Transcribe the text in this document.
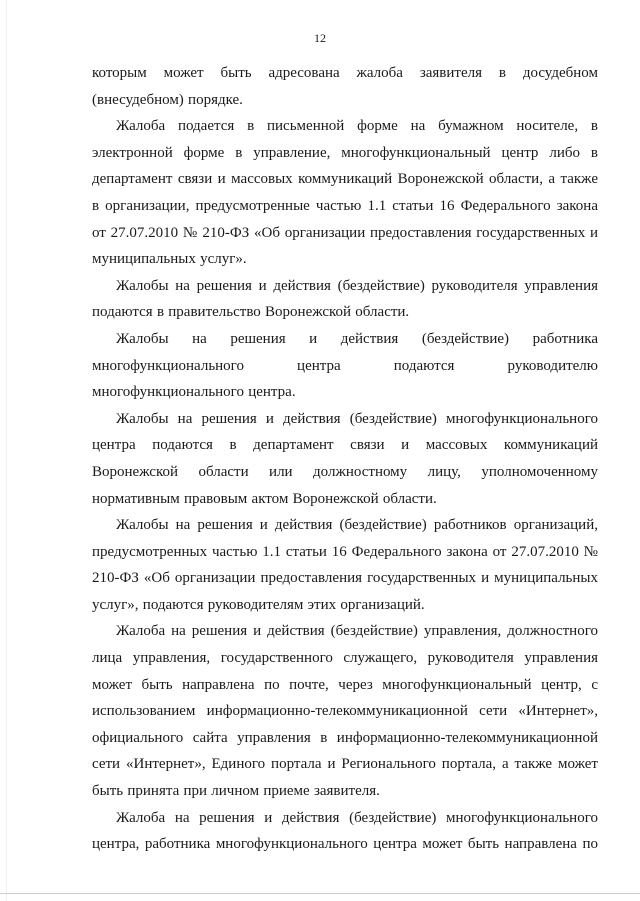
12

которым может быть адресована жалоба заявителя в досудебном (внесудебном) порядке.

Жалоба подается в письменной форме на бумажном носителе, в электронной форме в управление, многофункциональный центр либо в департамент связи и массовых коммуникаций Воронежской области, а также в организации, предусмотренные частью 1.1 статьи 16 Федерального закона от 27.07.2010 № 210-ФЗ «Об организации предоставления государственных и муниципальных услуг».

Жалобы на решения и действия (бездействие) руководителя управления подаются в правительство Воронежской области.

Жалобы на решения и действия (бездействие) работника многофункционального центра подаются руководителю многофункционального центра.

Жалобы на решения и действия (бездействие) многофункционального центра подаются в департамент связи и массовых коммуникаций Воронежской области или должностному лицу, уполномоченному нормативным правовым актом Воронежской области.

Жалобы на решения и действия (бездействие) работников организаций, предусмотренных частью 1.1 статьи 16 Федерального закона от 27.07.2010 № 210-ФЗ «Об организации предоставления государственных и муниципальных услуг», подаются руководителям этих организаций.

Жалоба на решения и действия (бездействие) управления, должностного лица управления, государственного служащего, руководителя управления может быть направлена по почте, через многофункциональный центр, с использованием информационно-телекоммуникационной сети «Интернет», официального сайта управления в информационно-телекоммуникационной сети «Интернет», Единого портала и Регионального портала, а также может быть принята при личном приеме заявителя.

Жалоба на решения и действия (бездействие) многофункционального центра, работника многофункционального центра может быть направлена по
